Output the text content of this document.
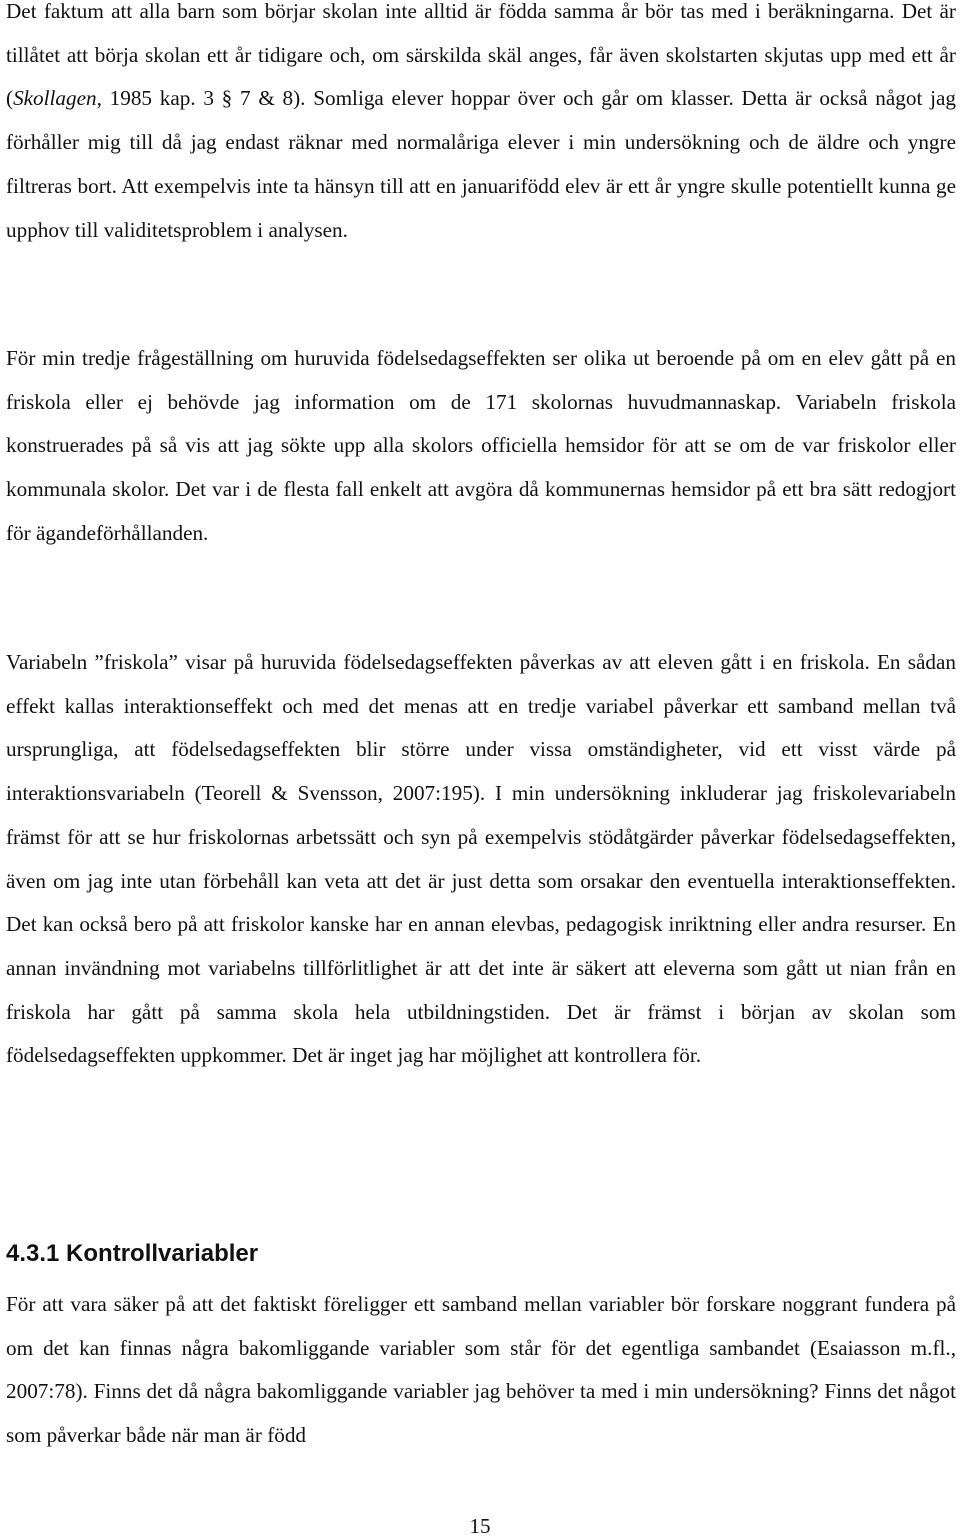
Det faktum att alla barn som börjar skolan inte alltid är födda samma år bör tas med i beräkningarna. Det är tillåtet att börja skolan ett år tidigare och, om särskilda skäl anges, får även skolstarten skjutas upp med ett år (Skollagen, 1985 kap. 3 § 7 & 8). Somliga elever hoppar över och går om klasser. Detta är också något jag förhåller mig till då jag endast räknar med normalåriga elever i min undersökning och de äldre och yngre filtreras bort. Att exempelvis inte ta hänsyn till att en januarifödd elev är ett år yngre skulle potentiellt kunna ge upphov till validitetsproblem i analysen.

För min tredje frågeställning om huruvida födelsedagseffekten ser olika ut beroende på om en elev gått på en friskola eller ej behövde jag information om de 171 skolornas huvudmannaskap. Variabeln friskola konstruerades på så vis att jag sökte upp alla skolors officiella hemsidor för att se om de var friskolor eller kommunala skolor. Det var i de flesta fall enkelt att avgöra då kommunernas hemsidor på ett bra sätt redogjort för ägandeförhållanden.

Variabeln ”friskola” visar på huruvida födelsedagseffekten påverkas av att eleven gått i en friskola. En sådan effekt kallas interaktionseffekt och med det menas att en tredje variabel påverkar ett samband mellan två ursprungliga, att födelsedagseffekten blir större under vissa omständigheter, vid ett visst värde på interaktionsvariabeln (Teorell & Svensson, 2007:195). I min undersökning inkluderar jag friskolevariabeln främst för att se hur friskolornas arbetssätt och syn på exempelvis stödåtgärder påverkar födelsedagseffekten, även om jag inte utan förbehåll kan veta att det är just detta som orsakar den eventuella interaktionseffekten. Det kan också bero på att friskolor kanske har en annan elevbas, pedagogisk inriktning eller andra resurser. En annan invändning mot variabelns tillförlitlighet är att det inte är säkert att eleverna som gått ut nian från en friskola har gått på samma skola hela utbildningstiden. Det är främst i början av skolan som födelsedagseffekten uppkommer. Det är inget jag har möjlighet att kontrollera för.

4.3.1 Kontrollvariabler

För att vara säker på att det faktiskt föreligger ett samband mellan variabler bör forskare noggrant fundera på om det kan finnas några bakomliggande variabler som står för det egentliga sambandet (Esaiasson m.fl., 2007:78). Finns det då några bakomliggande variabler jag behöver ta med i min undersökning? Finns det något som påverkar både när man är född

15
